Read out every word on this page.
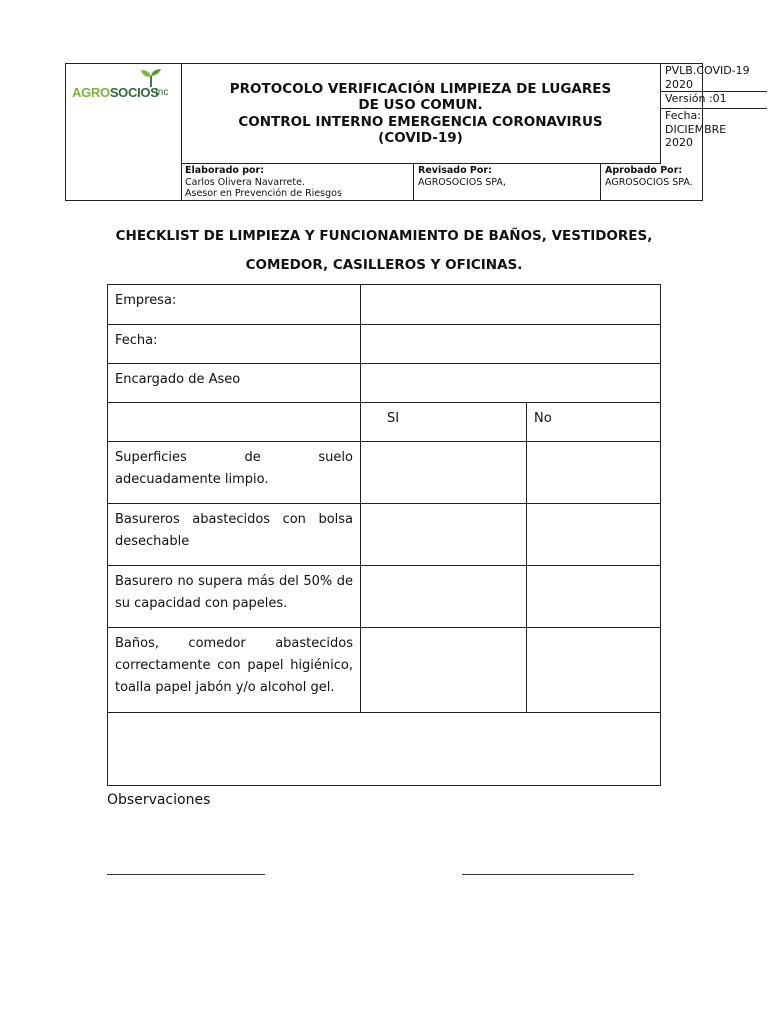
AGROSOCIOS
Inc	PROTOCOLO VERIFICACIÓN LIMPIEZA DE LUGARES
DE USO COMUN.
CONTROL INTERNO EMERGENCIA CORONAVIRUS
(COVID-19)
PVLB.COVID-19 2020
Versión :01
Fecha:
DICIEMBRE 2020
Elaborado por:
Carlos Olivera Navarrete.
Asesor en Prevención de Riesgos
Revisado Por:
AGROSOCIOS SPA,
Aprobado Por:
AGROSOCIOS SPA.
CHECKLIST DE LIMPIEZA Y FUNCIONAMIENTO DE BAÑOS, VESTIDORES,
COMEDOR, CASILLEROS Y OFICINAS.
Empresa:
Fecha:
Encargado de Aseo
SI	No
Superficies de suelo adecuadamente limpio.
Basureros abastecidos con bolsa desechable
Basurero no supera más del 50% de su capacidad con papeles.
Baños, comedor abastecidos correctamente con papel higiénico, toalla papel jabón y/o alcohol gel.
Observaciones
